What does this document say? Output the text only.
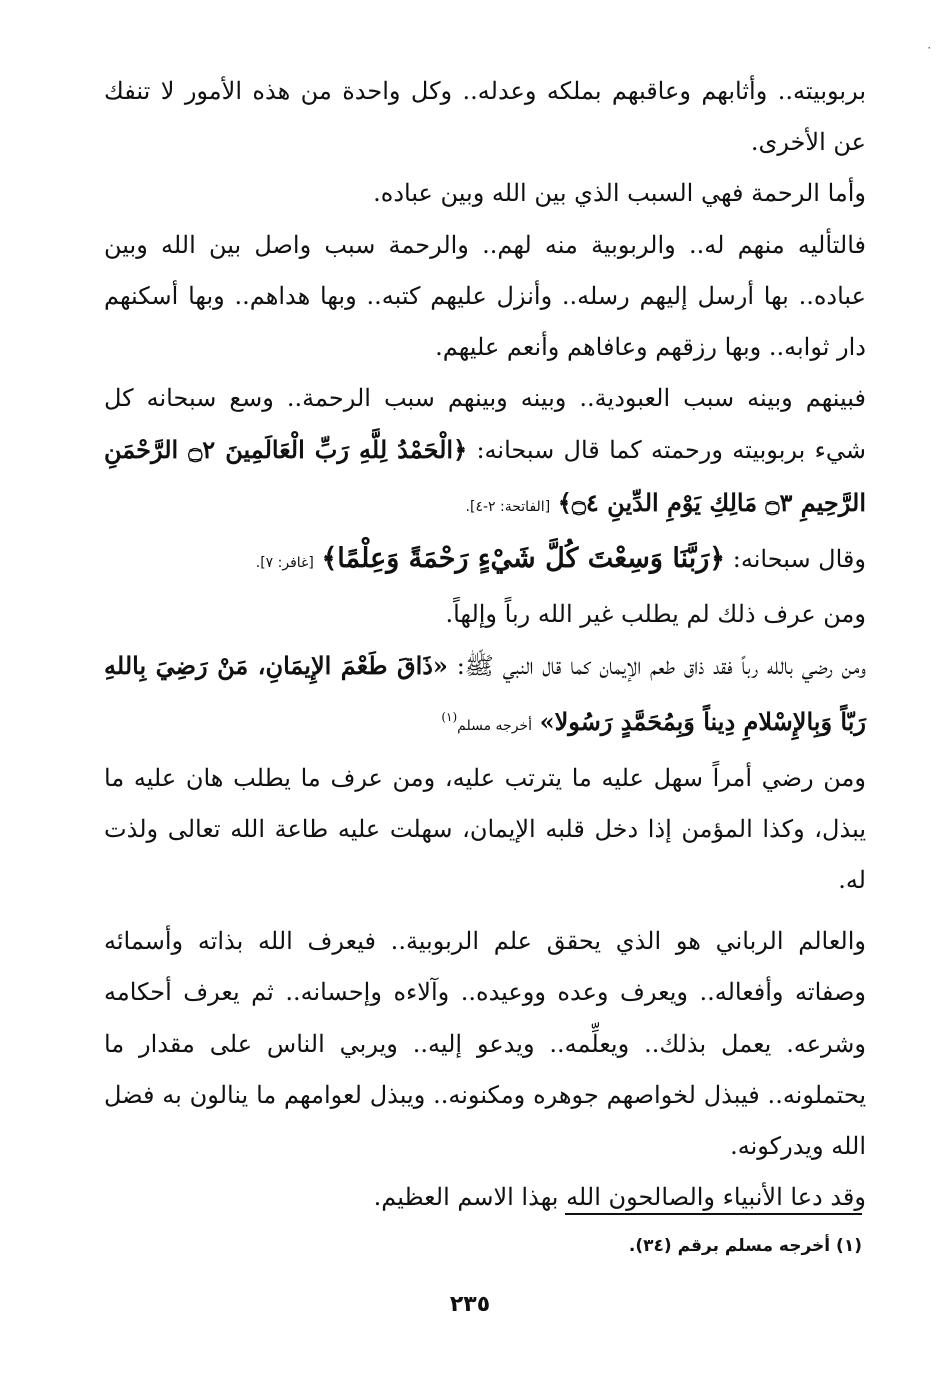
٠

بربوبيته.. وأثابهم وعاقبهم بملكه وعدله.. وكل واحدة من هذه الأمور لا تنفك عن الأخرى.

وأما الرحمة فهي السبب الذي بين الله وبين عباده.

فالتأليه منهم له.. والربوبية منه لهم.. والرحمة سبب واصل بين الله وبين عباده.. بها أرسل إليهم رسله.. وأنزل عليهم كتبه.. وبها هداهم.. وبها أسكنهم دار ثوابه.. وبها رزقهم وعافاهم وأنعم عليهم.

فبينهم وبينه سبب العبودية.. وبينه وبينهم سبب الرحمة.. وسع سبحانه كل شيء بربوبيته ورحمته كما قال سبحانه: ﴿الْحَمْدُ لِلَّهِ رَبِّ الْعَالَمِينَ ۝٢ الرَّحْمَنِ الرَّحِيمِ ۝٣ مَالِكِ يَوْمِ الدِّينِ ۝٤﴾ [الفاتحة: ٢-٤].

وقال سبحانه: ﴿رَبَّنَا وَسِعْتَ كُلَّ شَيْءٍ رَحْمَةً وَعِلْمًا﴾ [غافر: ٧].

ومن عرف ذلك لم يطلب غير الله رباً وإلهاً.

ومن رضي بالله رباً فقد ذاق طعم الإيمان كما قال النبي ﷺ: «ذَاقَ طَعْمَ الإِيمَانِ، مَنْ رَضِيَ بِاللهِ رَبّاً وَبِالإِسْلامِ دِيناً وَبِمُحَمَّدٍ رَسُولا» أخرجه مسلم$^{(١)}$

ومن رضي أمراً سهل عليه ما يترتب عليه، ومن عرف ما يطلب هان عليه ما يبذل، وكذا المؤمن إذا دخل قلبه الإيمان، سهلت عليه طاعة الله تعالى ولذت له.

والعالم الرباني هو الذي يحقق علم الربوبية.. فيعرف الله بذاته وأسمائه وصفاته وأفعاله.. ويعرف وعده ووعيده.. وآلاءه وإحسانه.. ثم يعرف أحكامه وشرعه. يعمل بذلك.. ويعلِّمه.. ويدعو إليه.. ويربي الناس على مقدار ما يحتملونه.. فيبذل لخواصهم جوهره ومكنونه.. ويبذل لعوامهم ما ينالون به فضل الله ويدركونه.

وقد دعا الأنبياء والصالحون الله بهذا الاسم العظيم.

(١) أخرجه مسلم برقم (٣٤).
٢٣٥
